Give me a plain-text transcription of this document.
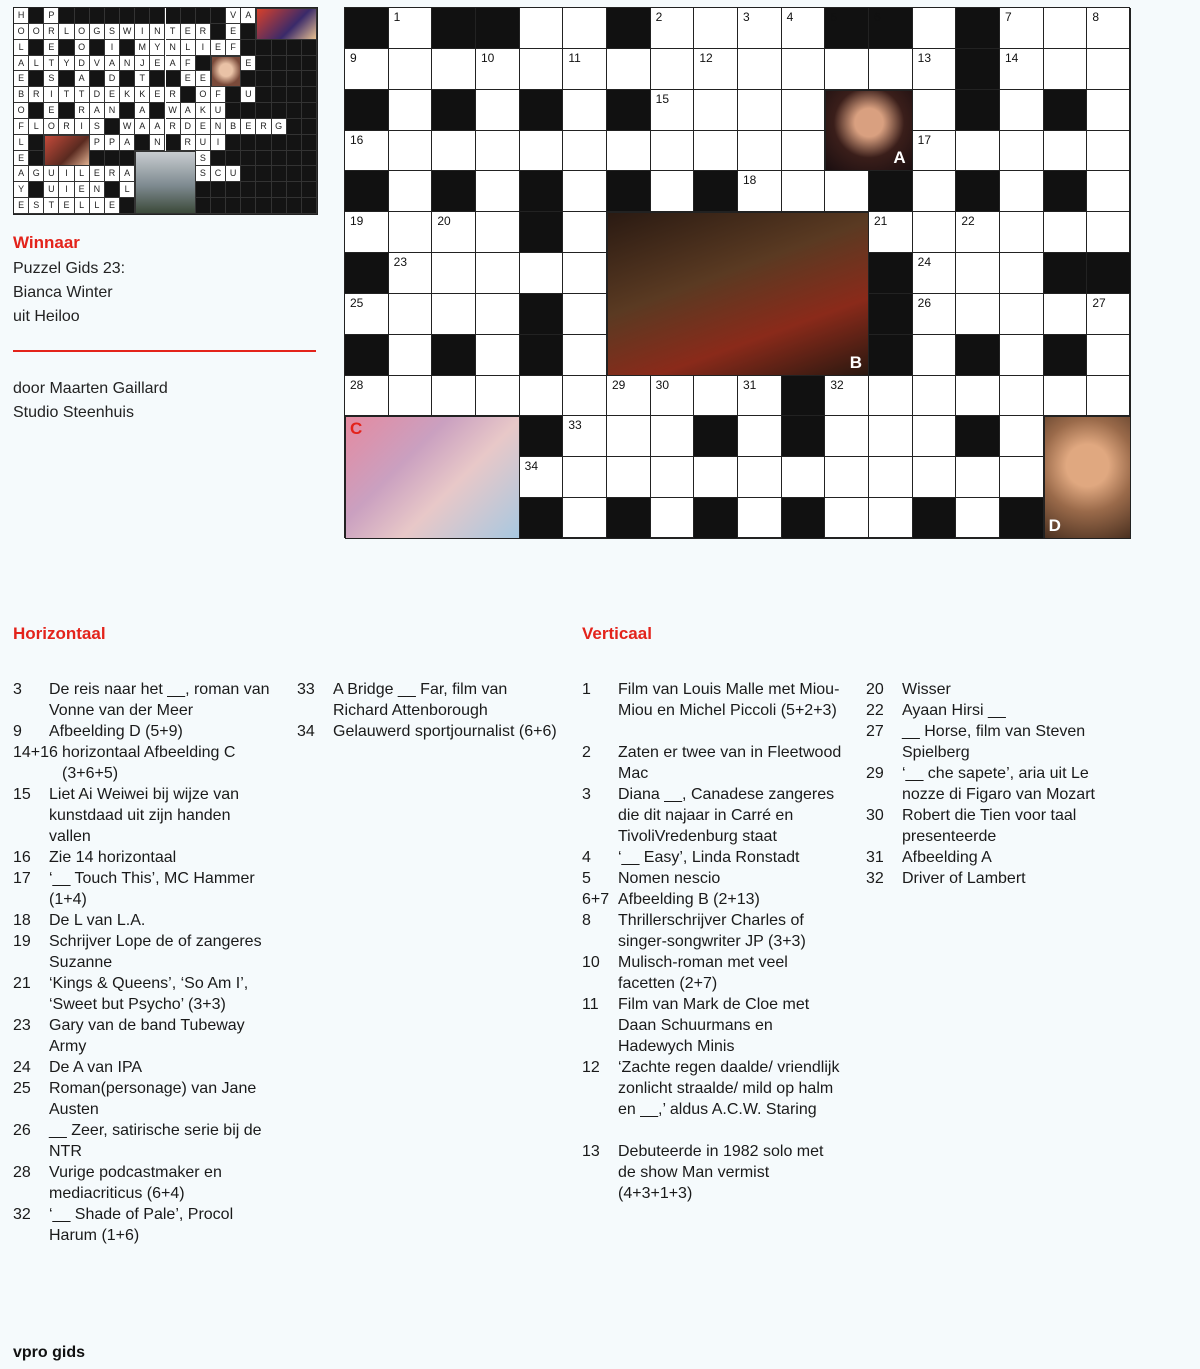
H	P	V	A
O O R	L	O G S W	I	N	T	E R	E
L	E	O	I	M Y N	L	I	E	F
A	L	T	Y D V	A N	J	E	A	F	E
E	S	A	D	T	E	E
B R	I	T	T	D E	K	K	E R	O F	U
O	E	R A N	A	W A	K U
F	L	O R	I	S	W A	A R D E N B	E R G
L	P	P	A	N	R U	I
E	S
A G U	I	L	E R A	S C U
Y	U	I	E N	L
E	S	T	E	L	L	E
Winnaar
Puzzel Gids 23:
Bianca Winter
uit Heiloo
door Maarten Gaillard
Studio Steenhuis
1	2	3	4	5	6	7	8
9	10	11	12	13	14
15
16	17
18
19	20	21	22
23	24
25	26	27
28	29	30	31	32
33
34
A
B
C
D
Horizontaal	Verticaal
3 De reis naar het __, roman van Vonne van der Meer
9 Afbeelding D (5+9)
14+16 horizontaal Afbeelding C (3+6+5)
15 Liet Ai Weiwei bij wijze van kunstdaad uit zijn handen vallen
16 Zie 14 horizontaal
17 ‘__ Touch This’, MC Hammer (1+4)
18 De L van L.A.
19 Schrijver Lope de of zangeres Suzanne
21 ‘Kings & Queens’, ‘So Am I’, ‘Sweet but Psycho’ (3+3)
23 Gary van de band Tubeway Army
24 De A van IPA
25 Roman(personage) van Jane Austen
26 __ Zeer, satirische serie bij de NTR
28 Vurige podcastmaker en mediacriticus (6+4)
32 ‘__ Shade of Pale’, Procol Harum (1+6)
33 A Bridge __ Far, film van Richard Attenborough
34 Gelauwerd sportjournalist (6+6)
1 Film van Louis Malle met Miou-Miou en Michel Piccoli (5+2+3)
2 Zaten er twee van in Fleetwood Mac
3 Diana __, Canadese zangeres die dit najaar in Carré en TivoliVredenburg staat
4 ‘__ Easy’, Linda Ronstadt
5 Nomen nescio
6+7 Afbeelding B (2+13)
8 Thrillerschrijver Charles of singer-songwriter JP (3+3)
10 Mulisch-roman met veel facetten (2+7)
11 Film van Mark de Cloe met Daan Schuurmans en Hadewych Minis
12 ‘Zachte regen daalde/ vriendlijk zonlicht straalde/ mild op halm en __,’ aldus A.C.W. Staring
13 Debuteerde in 1982 solo met de show Man vermist (4+3+1+3)
20 Wisser
22 Ayaan Hirsi __
27 __ Horse, film van Steven Spielberg
29 ‘__ che sapete’, aria uit Le nozze di Figaro van Mozart
30 Robert die Tien voor taal presenteerde
31 Afbeelding A
32 Driver of Lambert
vpro gids
